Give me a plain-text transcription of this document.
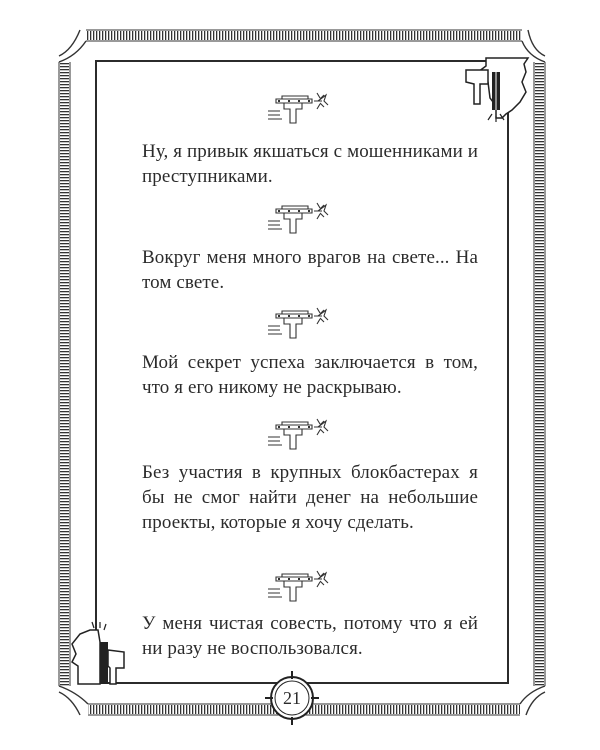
Ну, я привык якшаться с мошенниками и преступниками.

Вокруг меня много врагов на свете... На том свете.

Мой секрет успеха заключается в том, что я его никому не раскрываю.

Без участия в крупных блокбастерах я бы не смог найти денег на небольшие проекты, которые я хочу сделать.

У меня чистая совесть, потому что я ей ни разу не воспользовался.

21
